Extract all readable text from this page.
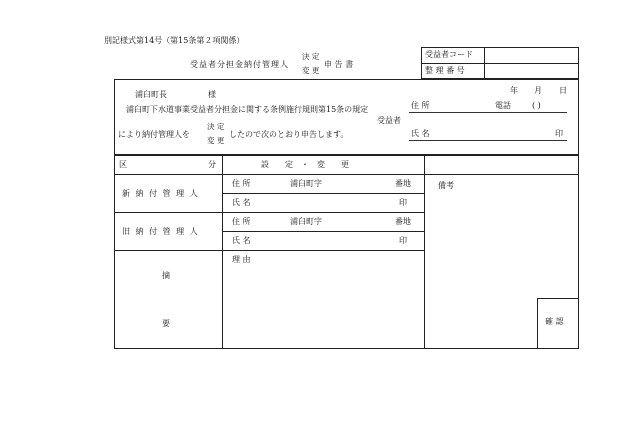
別記様式第14号（第15条第２項関係）
受益者分担金納付管理人
決 定
変 更
申 告 書
受益者コード
整 理 番 号
年 月 日
浦臼町長	様
浦臼町下水道事業受益者分担金に関する条例施行規則第15条の規定
により納付管理人を
決 定
変 更
したので次のとおり申告します。
受益者
住 所	電話	( )
氏 名	印
区	分	設　　定　・　変　　更
新 納 付 管 理 人
住 所	浦臼町字	番地
氏 名	印
旧 納 付 管 理 人
住 所	浦臼町字	番地
氏 名	印
備考
摘
要
理 由
確 認
